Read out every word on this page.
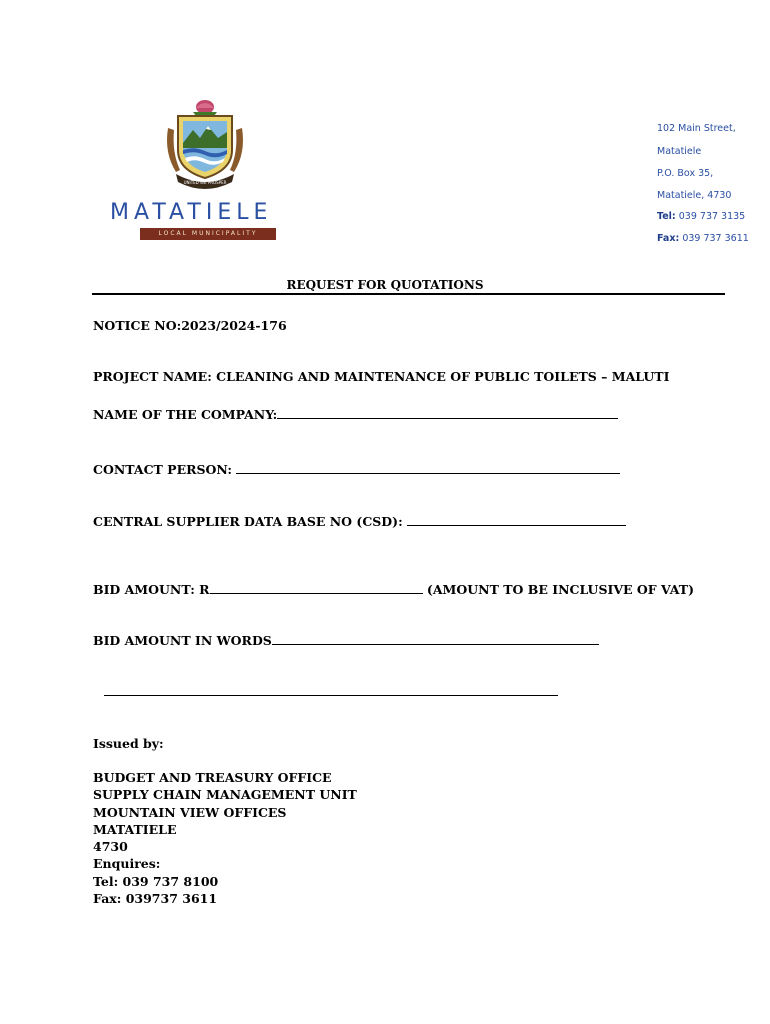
UNITED WE PROSPER
MATATIELE
LOCAL MUNICIPALITY
102 Main Street,
Matatiele
P.O. Box 35,
Matatiele, 4730
Tel: 039 737 3135
Fax: 039 737 3611
REQUEST FOR QUOTATIONS
NOTICE NO:2023/2024-176
PROJECT NAME: CLEANING AND MAINTENANCE OF PUBLIC TOILETS – MALUTI
NAME OF THE COMPANY:
CONTACT PERSON:
CENTRAL SUPPLIER DATA BASE NO (CSD):
BID AMOUNT: R	(AMOUNT TO BE INCLUSIVE OF VAT)
BID AMOUNT IN WORDS
Issued by:
BUDGET AND TREASURY OFFICE
SUPPLY CHAIN MANAGEMENT UNIT
MOUNTAIN VIEW OFFICES
MATATIELE
4730
Enquires:
Tel: 039 737 8100
Fax: 039737 3611
